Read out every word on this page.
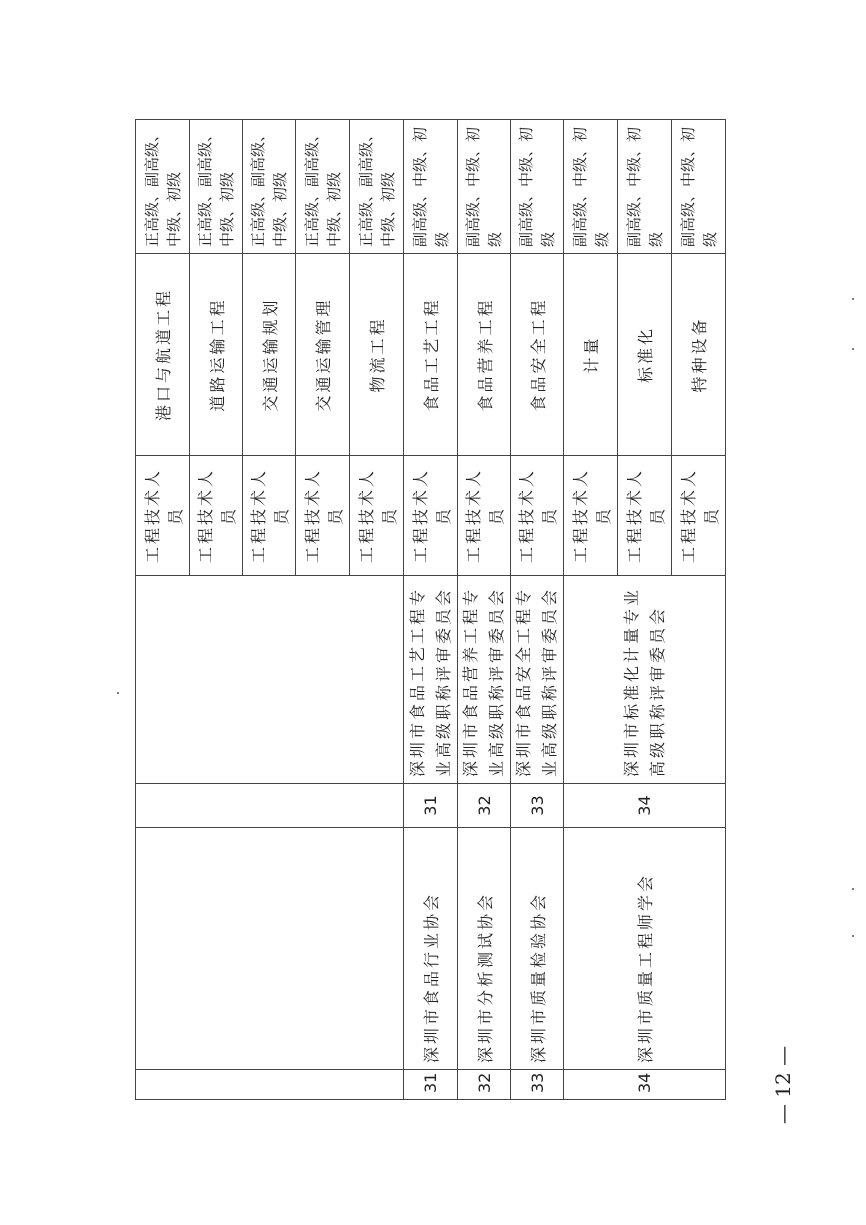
				工程技术人员	港口与航道工程	正高级、副高级、中级、初级
				工程技术人员	道路运输工程	正高级、副高级、中级、初级
				工程技术人员	交通运输规划	正高级、副高级、中级、初级
				工程技术人员	交通运输管理	正高级、副高级、中级、初级
				工程技术人员	物流工程	正高级、副高级、中级、初级
31	深圳市食品行业协会	31	深圳市食品工艺工程专业高级职称评审委员会	工程技术人员	食品工艺工程	副高级、中级、初级
32	深圳市分析测试协会	32	深圳市食品营养工程专业高级职称评审委员会	工程技术人员	食品营养工程	副高级、中级、初级
33	深圳市质量检验协会	33	深圳市食品安全工程专业高级职称评审委员会	工程技术人员	食品安全工程	副高级、中级、初级
34	深圳市质量工程师学会	34	深圳市标准化计量专业高级职称评审委员会	工程技术人员	计量	副高级、中级、初级
				工程技术人员	标准化	副高级、中级、初级
				工程技术人员	特种设备	副高级、中级、初级
— 12 —
